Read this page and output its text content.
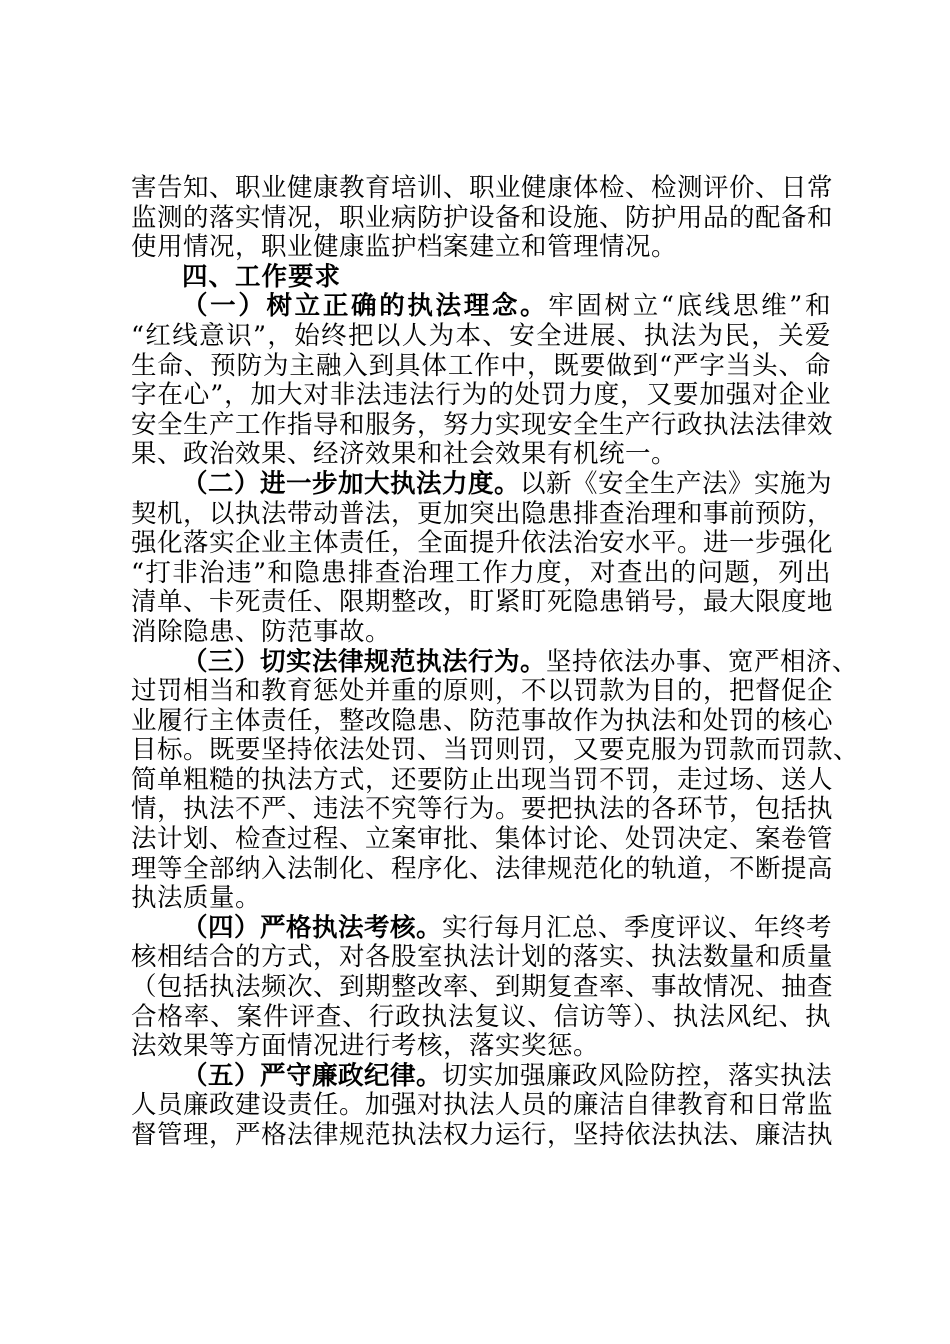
害告知、职业健康教育培训、职业健康体检、检测评价、日常
监测的落实情况，职业病防护设备和设施、防护用品的配备和
使用情况，职业健康监护档案建立和管理情况。
四、工作要求
（一）树立正确的执法理念。牢固树立“底线思维”和
“红线意识”，始终把以人为本、安全进展、执法为民，关爱
生命、预防为主融入到具体工作中，既要做到“严字当头、命
字在心”，加大对非法违法行为的处罚力度，又要加强对企业
安全生产工作指导和服务，努力实现安全生产行政执法法律效
果、政治效果、经济效果和社会效果有机统一。
（二）进一步加大执法力度。以新《安全生产法》实施为
契机，以执法带动普法，更加突出隐患排查治理和事前预防，
强化落实企业主体责任，全面提升依法治安水平。进一步强化
“打非治违”和隐患排查治理工作力度，对查出的问题，列出
清单、卡死责任、限期整改，盯紧盯死隐患销号，最大限度地
消除隐患、防范事故。
（三）切实法律规范执法行为。坚持依法办事、宽严相济、
过罚相当和教育惩处并重的原则，不以罚款为目的，把督促企
业履行主体责任，整改隐患、防范事故作为执法和处罚的核心
目标。既要坚持依法处罚、当罚则罚，又要克服为罚款而罚款、
简单粗糙的执法方式，还要防止出现当罚不罚，走过场、送人
情，执法不严、违法不究等行为。要把执法的各环节，包括执
法计划、检查过程、立案审批、集体讨论、处罚决定、案卷管
理等全部纳入法制化、程序化、法律规范化的轨道，不断提高
执法质量。
（四）严格执法考核。实行每月汇总、季度评议、年终考
核相结合的方式，对各股室执法计划的落实、执法数量和质量
（包括执法频次、到期整改率、到期复查率、事故情况、抽查
合格率、案件评查、行政执法复议、信访等）、执法风纪、执
法效果等方面情况进行考核，落实奖惩。
（五）严守廉政纪律。切实加强廉政风险防控，落实执法
人员廉政建设责任。加强对执法人员的廉洁自律教育和日常监
督管理，严格法律规范执法权力运行，坚持依法执法、廉洁执
